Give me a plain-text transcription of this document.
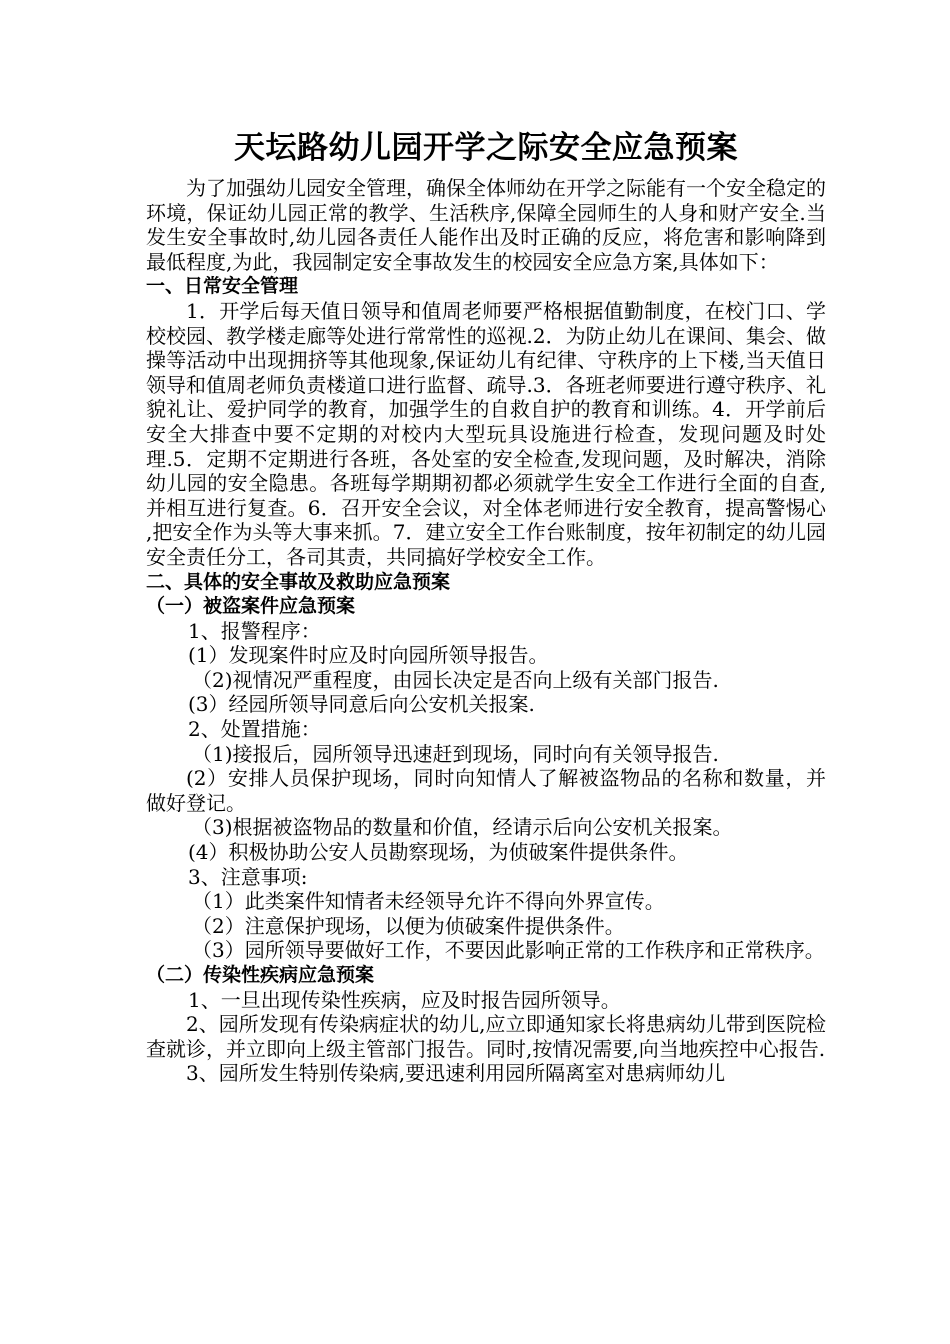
天坛路幼儿园开学之际安全应急预案

为了加强幼儿园安全管理，确保全体师幼在开学之际能有一个安全稳定的环境，保证幼儿园正常的教学、生活秩序,保障全园师生的人身和财产安全.当发生安全事故时,幼儿园各责任人能作出及时正确的反应，将危害和影响降到最低程度,为此，我园制定安全事故发生的校园安全应急方案,具体如下：

一、日常安全管理

1．开学后每天值日领导和值周老师要严格根据值勤制度，在校门口、学校校园、教学楼走廊等处进行常常性的巡视.2．为防止幼儿在课间、集会、做操等活动中出现拥挤等其他现象,保证幼儿有纪律、守秩序的上下楼,当天值日领导和值周老师负责楼道口进行监督、疏导.3．各班老师要进行遵守秩序、礼貌礼让、爱护同学的教育，加强学生的自救自护的教育和训练。4．开学前后安全大排查中要不定期的对校内大型玩具设施进行检查，发现问题及时处理.5．定期不定期进行各班，各处室的安全检查,发现问题，及时解决，消除幼儿园的安全隐患。各班每学期期初都必须就学生安全工作进行全面的自查,并相互进行复查。6．召开安全会议，对全体老师进行安全教育，提高警惕心 ,把安全作为头等大事来抓。7．建立安全工作台账制度，按年初制定的幼儿园安全责任分工，各司其责，共同搞好学校安全工作。

二、具体的安全事故及救助应急预案
（一）被盗案件应急预案

1、报警程序：

(1）发现案件时应及时向园所领导报告。

（2)视情况严重程度，由园长决定是否向上级有关部门报告.

(3）经园所领导同意后向公安机关报案.

2、处置措施：

（1)接报后，园所领导迅速赶到现场，同时向有关领导报告.

(2）安排人员保护现场，同时向知情人了解被盗物品的名称和数量，并做好登记。

（3)根据被盗物品的数量和价值，经请示后向公安机关报案。

(4）积极协助公安人员勘察现场，为侦破案件提供条件。

3、注意事项:

（1）此类案件知情者未经领导允许不得向外界宣传。

（2）注意保护现场，以便为侦破案件提供条件。

（3）园所领导要做好工作，不要因此影响正常的工作秩序和正常秩序。

（二）传染性疾病应急预案

1、一旦出现传染性疾病，应及时报告园所领导。

2、园所发现有传染病症状的幼儿,应立即通知家长将患病幼儿带到医院检查就诊，并立即向上级主管部门报告。同时,按情况需要,向当地疾控中心报告.

3、园所发生特别传染病,要迅速利用园所隔离室对患病师幼儿
